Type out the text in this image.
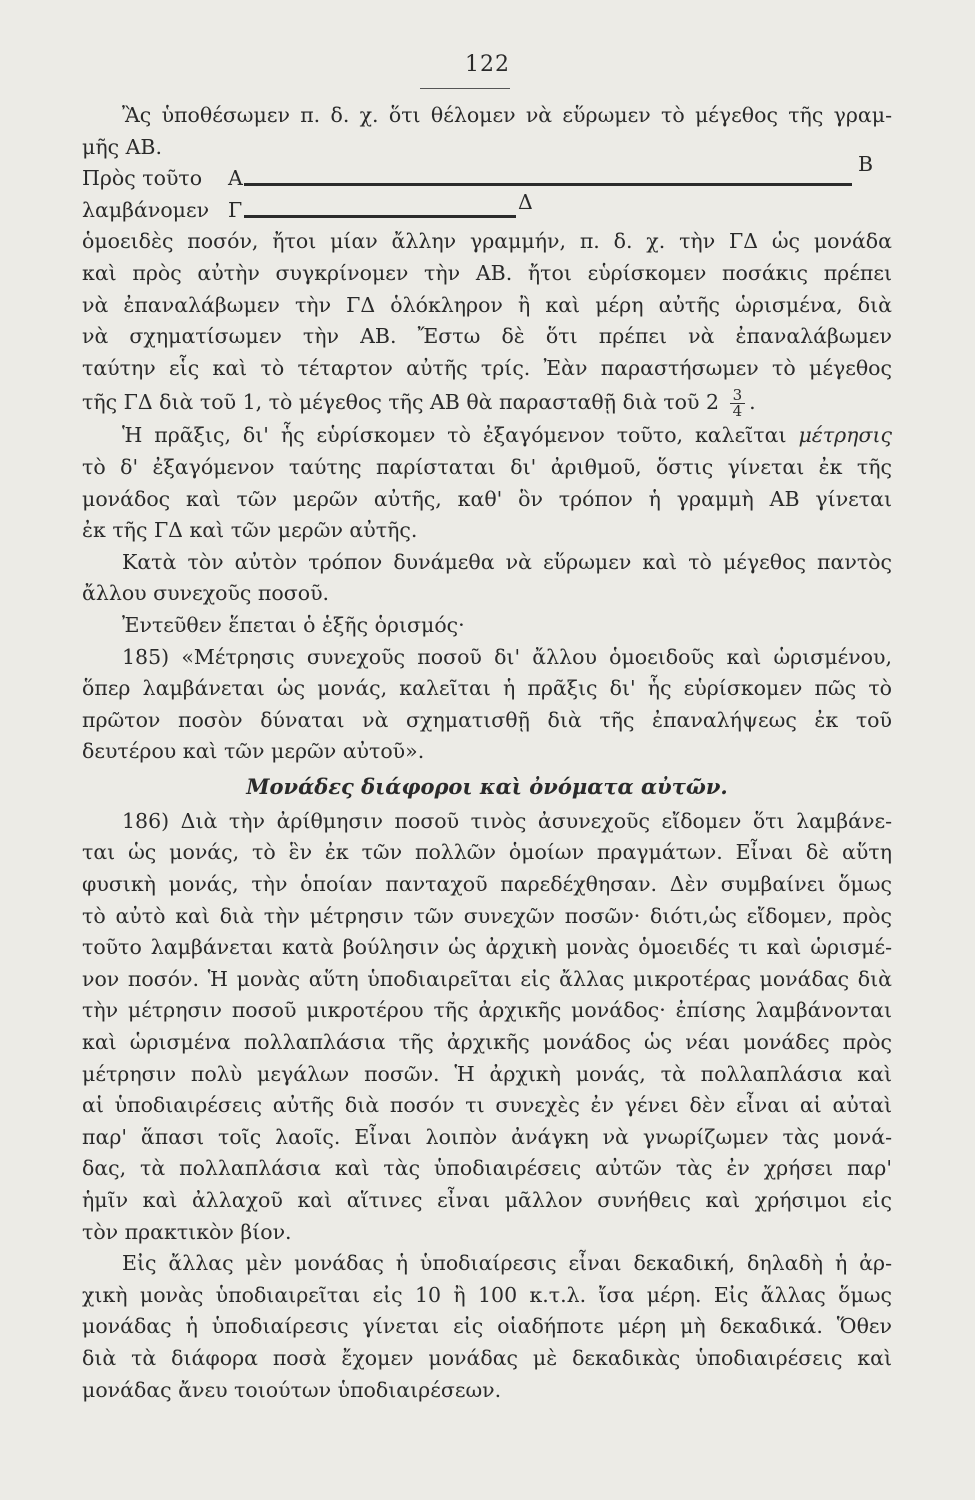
122
Ἂς ὑποθέσωμεν π. δ. χ. ὅτι θέλομεν νὰ εὕρωμεν τὸ μέγεθος τῆς γραμ-
μῆς ΑΒ.
Πρὸς τοῦτο Α
Β
λαμβάνομεν Γ	Δ
ὁμοειδὲς ποσόν, ἤτοι μίαν ἄλλην γραμμήν, π. δ. χ. τὴν ΓΔ ὡς μονάδα
καὶ πρὸς αὐτὴν συγκρίνομεν τὴν ΑΒ. ἤτοι εὑρίσκομεν ποσάκις πρέπει
νὰ ἐπαναλάβωμεν τὴν ΓΔ ὁλόκληρον ἢ καὶ μέρη αὐτῆς ὡρισμένα, διὰ
νὰ σχηματίσωμεν τὴν ΑΒ. Ἔστω δὲ ὅτι πρέπει νὰ ἐπαναλάβωμεν
ταύτην εἷς καὶ τὸ τέταρτον αὐτῆς τρίς. Ἐὰν παραστήσωμεν τὸ μέγεθος
τῆς ΓΔ διὰ τοῦ 1, τὸ μέγεθος τῆς ΑΒ θὰ παρασταθῇ διὰ τοῦ $2 \frac{3}{4}$ .
Ἡ πρᾶξις, δι' ἧς εὑρίσκομεν τὸ ἐξαγόμενον τοῦτο, καλεῖται μέτρησις
τὸ δ' ἐξαγόμενον ταύτης παρίσταται δι' ἀριθμοῦ, ὅστις γίνεται ἐκ τῆς
μονάδος καὶ τῶν μερῶν αὐτῆς, καθ' ὃν τρόπον ἡ γραμμὴ ΑΒ γίνεται
ἐκ τῆς ΓΔ καὶ τῶν μερῶν αὐτῆς.
Κατὰ τὸν αὐτὸν τρόπον δυνάμεθα νὰ εὕρωμεν καὶ τὸ μέγεθος παντὸς
ἄλλου συνεχοῦς ποσοῦ.
Ἐντεῦθεν ἕπεται ὁ ἑξῆς ὁρισμός·
185) «Μέτρησις συνεχοῦς ποσοῦ δι' ἄλλου ὁμοειδοῦς καὶ ὡρισμένου,
ὅπερ λαμβάνεται ὡς μονάς, καλεῖται ἡ πρᾶξις δι' ἧς εὑρίσκομεν πῶς τὸ
πρῶτον ποσὸν δύναται νὰ σχηματισθῇ διὰ τῆς ἐπαναλήψεως ἐκ τοῦ
δευτέρου καὶ τῶν μερῶν αὐτοῦ».
Μονάδες διάφοροι καὶ ὀνόματα αὐτῶν.
186) Διὰ τὴν ἀρίθμησιν ποσοῦ τινὸς ἀσυνεχοῦς εἴδομεν ὅτι λαμβάνε-
ται ὡς μονάς, τὸ ἓν ἐκ τῶν πολλῶν ὁμοίων πραγμάτων. Εἶναι δὲ αὕτη
φυσικὴ μονάς, τὴν ὁποίαν πανταχοῦ παρεδέχθησαν. Δὲν συμβαίνει ὅμως
τὸ αὐτὸ καὶ διὰ τὴν μέτρησιν τῶν συνεχῶν ποσῶν· διότι,ὡς εἴδομεν, πρὸς
τοῦτο λαμβάνεται κατὰ βούλησιν ὡς ἀρχικὴ μονὰς ὁμοειδές τι καὶ ὡρισμέ-
νον ποσόν. Ἡ μονὰς αὕτη ὑποδιαιρεῖται εἰς ἄλλας μικροτέρας μονάδας διὰ
τὴν μέτρησιν ποσοῦ μικροτέρου τῆς ἀρχικῆς μονάδος· ἐπίσης λαμβάνονται
καὶ ὡρισμένα πολλαπλάσια τῆς ἀρχικῆς μονάδος ὡς νέαι μονάδες πρὸς
μέτρησιν πολὺ μεγάλων ποσῶν. Ἡ ἀρχικὴ μονάς, τὰ πολλαπλάσια καὶ
αἱ ὑποδιαιρέσεις αὐτῆς διὰ ποσόν τι συνεχὲς ἐν γένει δὲν εἶναι αἱ αὐταὶ
παρ' ἅπασι τοῖς λαοῖς. Εἶναι λοιπὸν ἀνάγκη νὰ γνωρίζωμεν τὰς μονά-
δας, τὰ πολλαπλάσια καὶ τὰς ὑποδιαιρέσεις αὐτῶν τὰς ἐν χρήσει παρ'
ἡμῖν καὶ ἀλλαχοῦ καὶ αἵτινες εἶναι μᾶλλον συνήθεις καὶ χρήσιμοι εἰς
τὸν πρακτικὸν βίον.
Εἰς ἄλλας μὲν μονάδας ἡ ὑποδιαίρεσις εἶναι δεκαδική, δηλαδὴ ἡ ἀρ-
χικὴ μονὰς ὑποδιαιρεῖται εἰς 10 ἢ 100 κ.τ.λ. ἴσα μέρη. Εἰς ἄλλας ὅμως
μονάδας ἡ ὑποδιαίρεσις γίνεται εἰς οἱαδήποτε μέρη μὴ δεκαδικά. Ὅθεν
διὰ τὰ διάφορα ποσὰ ἔχομεν μονάδας μὲ δεκαδικὰς ὑποδιαιρέσεις καὶ
μονάδας ἄνευ τοιούτων ὑποδιαιρέσεων.
